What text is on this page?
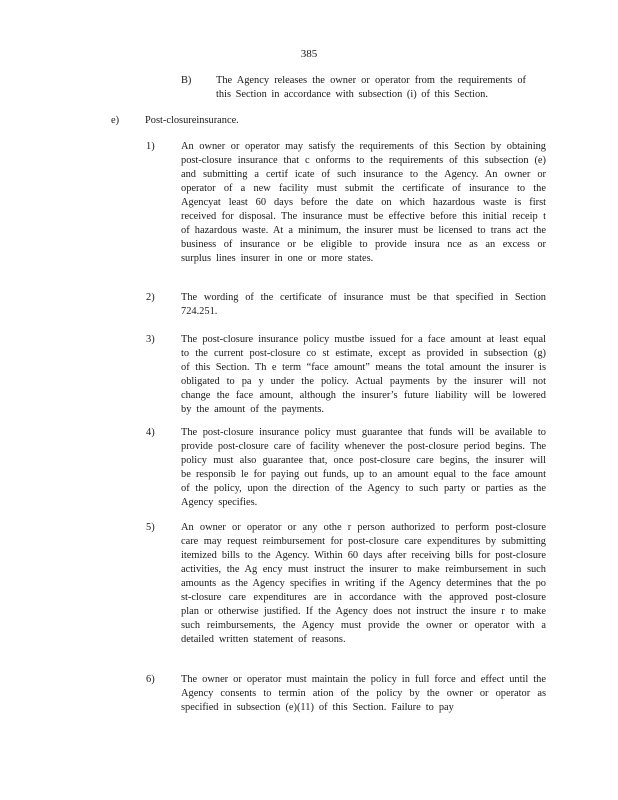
385
B) The Agency releases the owner or operator from the requirements of this Section in accordance with subsection (i) of this Section.
e) Post-closureinsurance.
1)	An owner or operator may satisfy the requirements of this Section by obtaining post-closure insurance that c onforms to the requirements of this subsection (e) and submitting a certif icate of such insurance to the Agency. An owner or operator of a new facility must submit the certificate of insurance to the Agencyat least 60 days before the date on which hazardous waste is first received for disposal. The insurance must be effective before this initial receip t of hazardous waste. At a minimum, the insurer must be licensed to trans act the business of insurance or be eligible to provide insura nce as an excess or surplus lines insurer in one or more states.
2)	The wording of the certificate of insurance must be that specified in Section 724.251.
3)	The post-closure insurance policy mustbe issued for a face amount at least equal to the current post-closure co st estimate, except as provided in subsection (g) of this Section. Th e term “face amount” means the total amount the insurer is obligated to pa y under the policy. Actual payments by the insurer will not change the face amount, although the insurer’s future liability will be lowered by the amount of the payments.
4)	The post-closure insurance policy must guarantee that funds will be available to provide post-closure care of facility whenever the post-closure period begins. The policy must also guarantee that, once post-closure care begins, the insurer will be responsib le for paying out funds, up to an amount equal to the face amount of the policy, upon the direction of the Agency to such party or parties as the Agency specifies.
5)	An owner or operator or any othe r person authorized to perform post-closure care may request reimbursement for post-closure care expenditures by submitting itemized bills to the Agency. Within 60 days after receiving bills for post-closure activities, the Ag ency must instruct the insurer to make reimbursement in such amounts as the Agency specifies in writing if the Agency determines that the po st-closure care expenditures are in accordance with the approved post-closure plan or otherwise justified. If the Agency does not instruct the insure r to make such reimbursements, the Agency must provide the owner or operator with a detailed written statement of reasons.
6)	The owner or operator must maintain the policy in full force and effect until the Agency consents to termin ation of the policy by the owner or operator as specified in subsection (e)(11) of this Section. Failure to pay
